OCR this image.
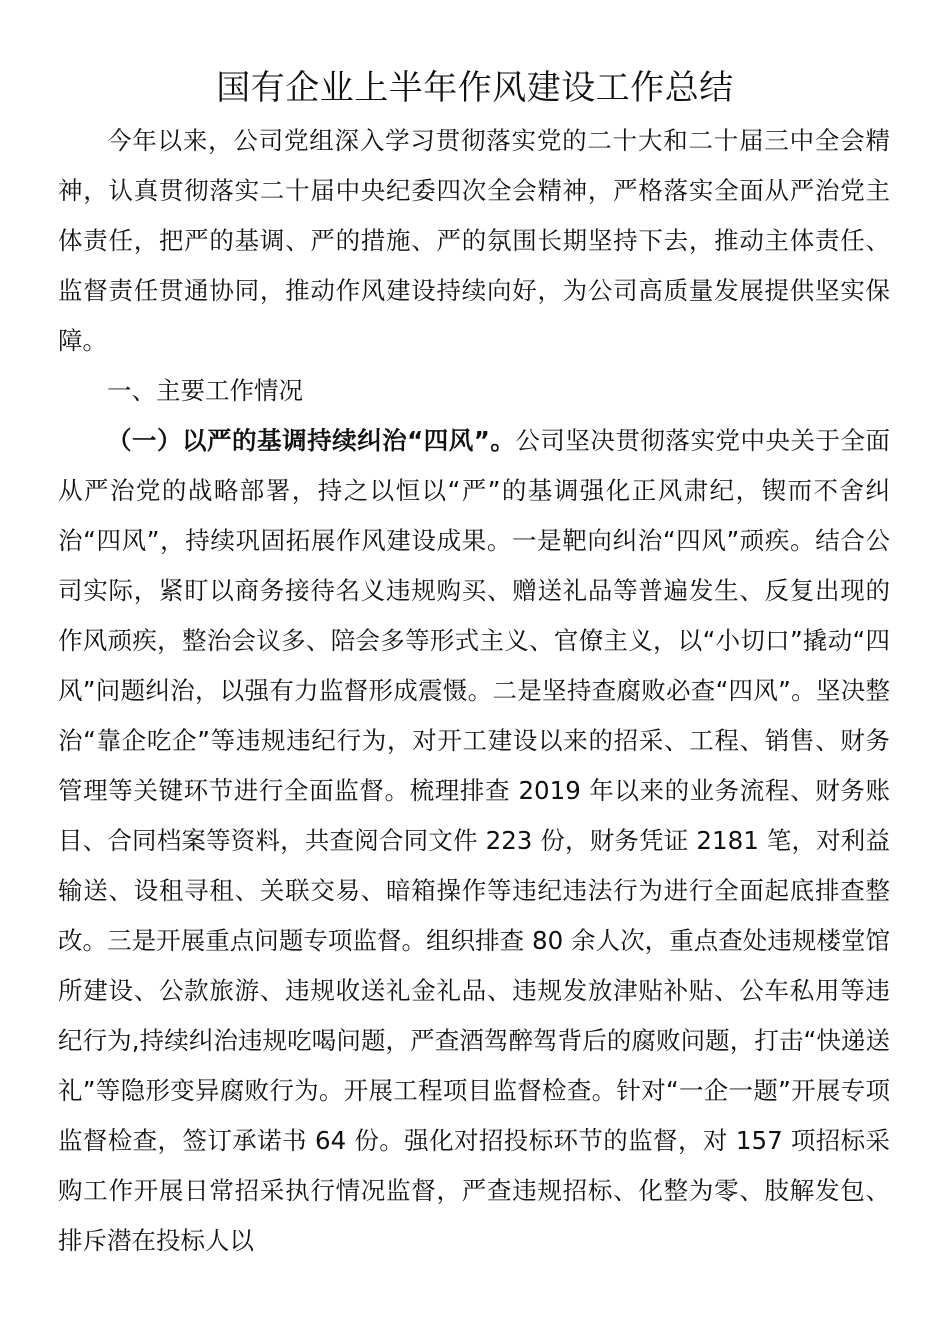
国有企业上半年作风建设工作总结

今年以来，公司党组深入学习贯彻落实党的二十大和二十届三中全会精神，认真贯彻落实二十届中央纪委四次全会精神，严格落实全面从严治党主体责任，把严的基调、严的措施、严的氛围长期坚持下去，推动主体责任、监督责任贯通协同，推动作风建设持续向好，为公司高质量发展提供坚实保障。

一、主要工作情况

（一）以严的基调持续纠治“四风”。公司坚决贯彻落实党中央关于全面从严治党的战略部署，持之以恒以“严”的基调强化正风肃纪，锲而不舍纠治“四风”，持续巩固拓展作风建设成果。一是靶向纠治“四风”顽疾。结合公司实际，紧盯以商务接待名义违规购买、赠送礼品等普遍发生、反复出现的作风顽疾，整治会议多、陪会多等形式主义、官僚主义，以“小切口”撬动“四风”问题纠治，以强有力监督形成震慑。二是坚持查腐败必查“四风”。坚决整治“靠企吃企”等违规违纪行为，对开工建设以来的招采、工程、销售、财务管理等关键环节进行全面监督。梳理排查 2019 年以来的业务流程、财务账目、合同档案等资料，共查阅合同文件 223 份，财务凭证 2181 笔，对利益输送、设租寻租、关联交易、暗箱操作等违纪违法行为进行全面起底排查整改。三是开展重点问题专项监督。组织排查 80 余人次，重点查处违规楼堂馆所建设、公款旅游、违规收送礼金礼品、违规发放津贴补贴、公车私用等违纪行为,持续纠治违规吃喝问题，严查酒驾醉驾背后的腐败问题，打击“快递送礼”等隐形变异腐败行为。开展工程项目监督检查。针对“一企一题”开展专项监督检查，签订承诺书 64 份。强化对招投标环节的监督，对 157 项招标采购工作开展日常招采执行情况监督，严查违规招标、化整为零、肢解发包、排斥潜在投标人以
